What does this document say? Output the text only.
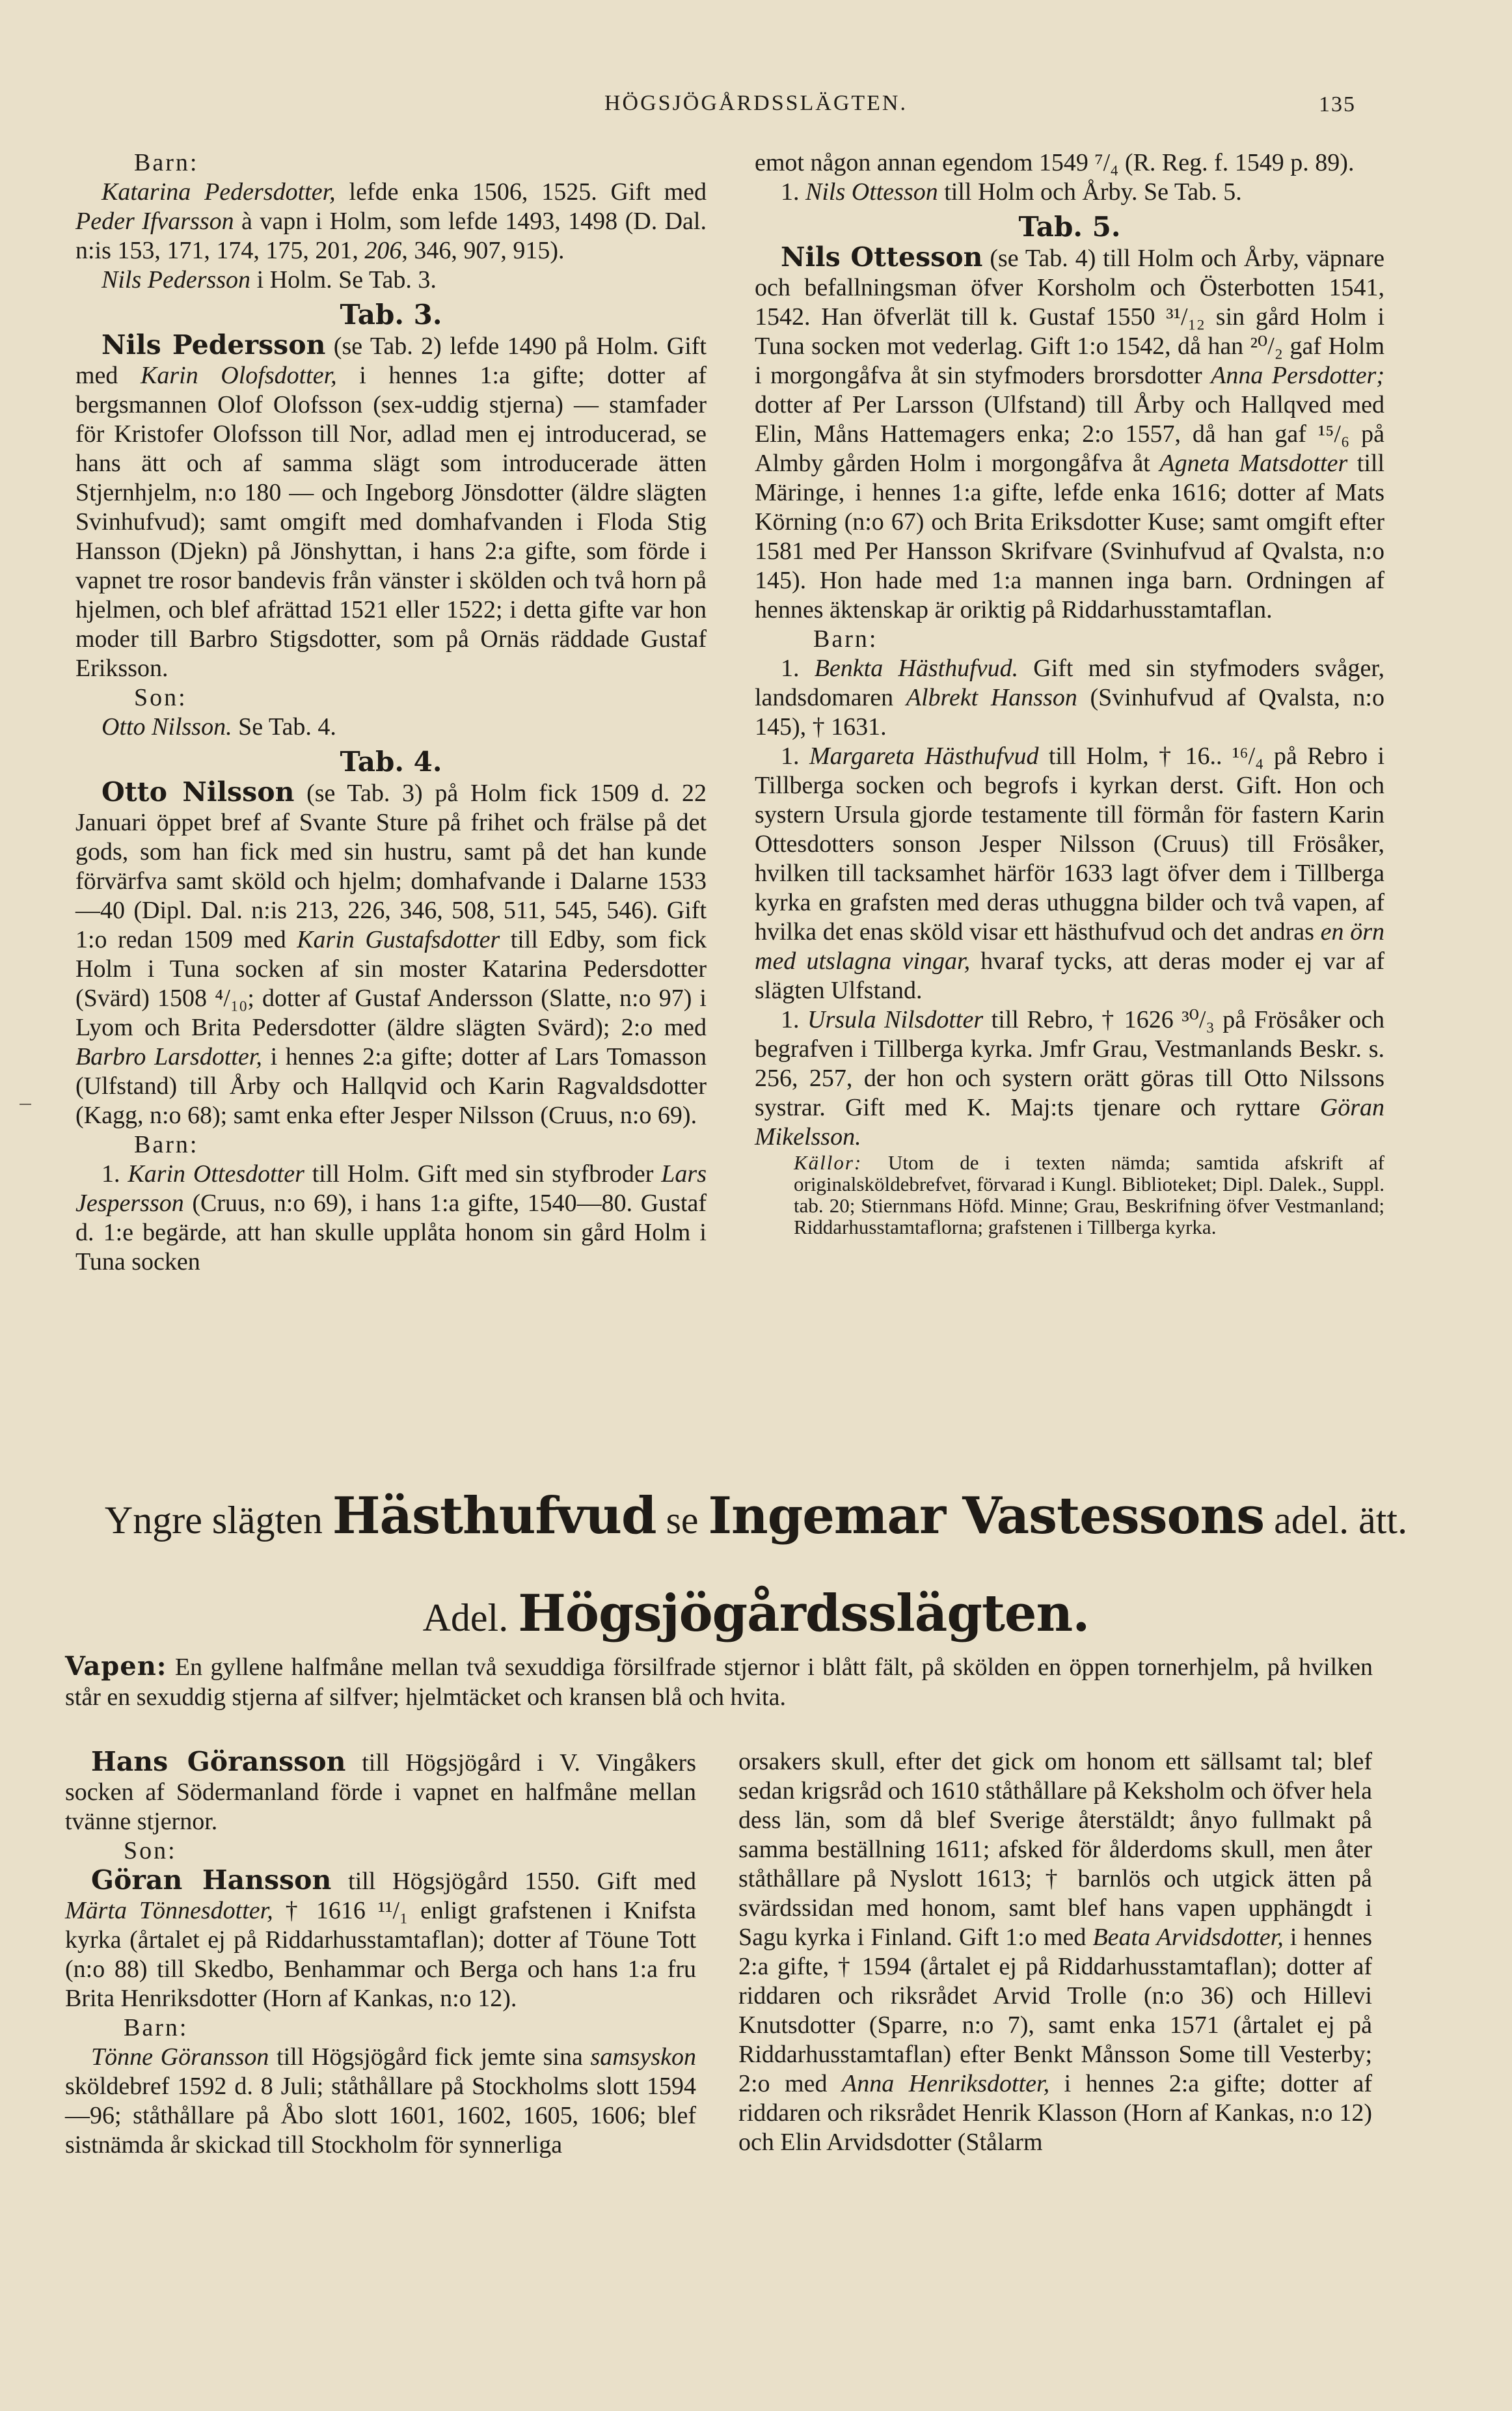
HÖGSJÖGÅRDSSLÄGTEN.	135

Barn:

Katarina Pedersdotter, lefde enka 1506, 1525. Gift med Peder Ifvarsson à vapn i Holm, som lefde 1493, 1498 (D. Dal. n:is 153, 171, 174, 175, 201, 206, 346, 907, 915).

Nils Pedersson i Holm. Se Tab. 3.

Tab. 3.

Nils Pedersson (se Tab. 2) lefde 1490 på Holm. Gift med Karin Olofsdotter, i hennes 1:a gifte; dotter af bergsmannen Olof Olofsson (sex-uddig stjerna) — stamfader för Kristofer Olofsson till Nor, adlad men ej introducerad, se hans ätt och af samma slägt som introducerade ätten Stjernhjelm, n:o 180 — och Ingeborg Jönsdotter (äldre slägten Svinhufvud); samt omgift med domhafvanden i Floda Stig Hansson (Djekn) på Jönshyttan, i hans 2:a gifte, som förde i vapnet tre rosor bandevis från vänster i skölden och två horn på hjelmen, och blef afrättad 1521 eller 1522; i detta gifte var hon moder till Barbro Stigsdotter, som på Ornäs räddade Gustaf Eriksson.

Son:

Otto Nilsson. Se Tab. 4.

Tab. 4.

Otto Nilsson (se Tab. 3) på Holm fick 1509 d. 22 Januari öppet bref af Svante Sture på frihet och frälse på det gods, som han fick med sin hustru, samt på det han kunde förvärfva samt sköld och hjelm; domhafvande i Dalarne 1533—40 (Dipl. Dal. n:is 213, 226, 346, 508, 511, 545, 546). Gift 1:o redan 1509 med Karin Gustafsdotter till Edby, som fick Holm i Tuna socken af sin moster Katarina Pedersdotter (Svärd) 1508 ⁴/₁₀; dotter af Gustaf Andersson (Slatte, n:o 97) i Lyom och Brita Pedersdotter (äldre slägten Svärd); 2:o med Barbro Larsdotter, i hennes 2:a gifte; dotter af Lars Tomasson (Ulfstand) till Årby och Hallqvid och Karin Ragvaldsdotter (Kagg, n:o 68); samt enka efter Jesper Nilsson (Cruus, n:o 69).

Barn:

1. Karin Ottesdotter till Holm. Gift med sin styfbroder Lars Jespersson (Cruus, n:o 69), i hans 1:a gifte, 1540—80. Gustaf d. 1:e begärde, att han skulle upplåta honom sin gård Holm i Tuna socken

emot någon annan egendom 1549 ⁷/₄ (R. Reg. f. 1549 p. 89).

1. Nils Ottesson till Holm och Årby. Se Tab. 5.

Tab. 5.

Nils Ottesson (se Tab. 4) till Holm och Årby, väpnare och befallningsman öfver Korsholm och Österbotten 1541, 1542. Han öfverlät till k. Gustaf 1550 ³¹/₁₂ sin gård Holm i Tuna socken mot vederlag. Gift 1:o 1542, då han ²⁰/₂ gaf Holm i morgongåfva åt sin styfmoders brorsdotter Anna Persdotter; dotter af Per Larsson (Ulfstand) till Årby och Hallqved med Elin, Måns Hattemagers enka; 2:o 1557, då han gaf ¹⁵/₆ på Almby gården Holm i morgongåfva åt Agneta Matsdotter till Märinge, i hennes 1:a gifte, lefde enka 1616; dotter af Mats Körning (n:o 67) och Brita Eriksdotter Kuse; samt omgift efter 1581 med Per Hansson Skrifvare (Svinhufvud af Qvalsta, n:o 145). Hon hade med 1:a mannen inga barn. Ordningen af hennes äktenskap är oriktig på Riddarhusstamtaflan.

Barn:

1. Benkta Hästhufvud. Gift med sin styfmoders svåger, landsdomaren Albrekt Hansson (Svinhufvud af Qvalsta, n:o 145), † 1631.

1. Margareta Hästhufvud till Holm, † 16.. ¹⁶/₄ på Rebro i Tillberga socken och begrofs i kyrkan derst. Gift. Hon och systern Ursula gjorde testamente till förmån för fastern Karin Ottesdotters sonson Jesper Nilsson (Cruus) till Frösåker, hvilken till tacksamhet härför 1633 lagt öfver dem i Tillberga kyrka en grafsten med deras uthuggna bilder och två vapen, af hvilka det enas sköld visar ett hästhufvud och det andras en örn med utslagna vingar, hvaraf tycks, att deras moder ej var af slägten Ulfstand.

1. Ursula Nilsdotter till Rebro, † 1626 ³⁰/₃ på Frösåker och begrafven i Tillberga kyrka. Jmfr Grau, Vestmanlands Beskr. s. 256, 257, der hon och systern orätt göras till Otto Nilssons systrar. Gift med K. Maj:ts tjenare och ryttare Göran Mikelsson.

Källor: Utom de i texten nämda; samtida afskrift af originalsköldebrefvet, förvarad i Kungl. Biblioteket; Dipl. Dalek., Suppl. tab. 20; Stiernmans Höfd. Minne; Grau, Beskrifning öfver Vestmanland; Riddarhusstamtaflorna; grafstenen i Tillberga kyrka.

Yngre slägten Hästhufvud se Ingemar Vastessons adel. ätt.
Adel. Högsjögårdsslägten.
Vapen: En gyllene halfmåne mellan två sexuddiga försilfrade stjernor i blått fält, på skölden en öppen tornerhjelm, på hvilken står en sexuddig stjerna af silfver; hjelmtäcket och kransen blå och hvita.

Hans Göransson till Högsjögård i V. Vingåkers socken af Södermanland förde i vapnet en halfmåne mellan tvänne stjernor.

Son:

Göran Hansson till Högsjögård 1550. Gift med Märta Tönnesdotter, † 1616 ¹¹/₁ enligt grafstenen i Knifsta kyrka (årtalet ej på Riddarhusstamtaflan); dotter af Töune Tott (n:o 88) till Skedbo, Benhammar och Berga och hans 1:a fru Brita Henriksdotter (Horn af Kankas, n:o 12).

Barn:

Tönne Göransson till Högsjögård fick jemte sina samsyskon sköldebref 1592 d. 8 Juli; ståthållare på Stockholms slott 1594—96; ståthållare på Åbo slott 1601, 1602, 1605, 1606; blef sistnämda år skickad till Stockholm för synnerliga

orsakers skull, efter det gick om honom ett sällsamt tal; blef sedan krigsråd och 1610 ståthållare på Keksholm och öfver hela dess län, som då blef Sverige återstäldt; ånyo fullmakt på samma beställning 1611; afsked för ålderdoms skull, men åter ståthållare på Nyslott 1613; † barnlös och utgick ätten på svärdssidan med honom, samt blef hans vapen upphängdt i Sagu kyrka i Finland. Gift 1:o med Beata Arvidsdotter, i hennes 2:a gifte, † 1594 (årtalet ej på Riddarhusstamtaflan); dotter af riddaren och riksrådet Arvid Trolle (n:o 36) och Hillevi Knutsdotter (Sparre, n:o 7), samt enka 1571 (årtalet ej på Riddarhusstamtaflan) efter Benkt Månsson Some till Vesterby; 2:o med Anna Henriksdotter, i hennes 2:a gifte; dotter af riddaren och riksrådet Henrik Klasson (Horn af Kankas, n:o 12) och Elin Arvidsdotter (Stålarm
